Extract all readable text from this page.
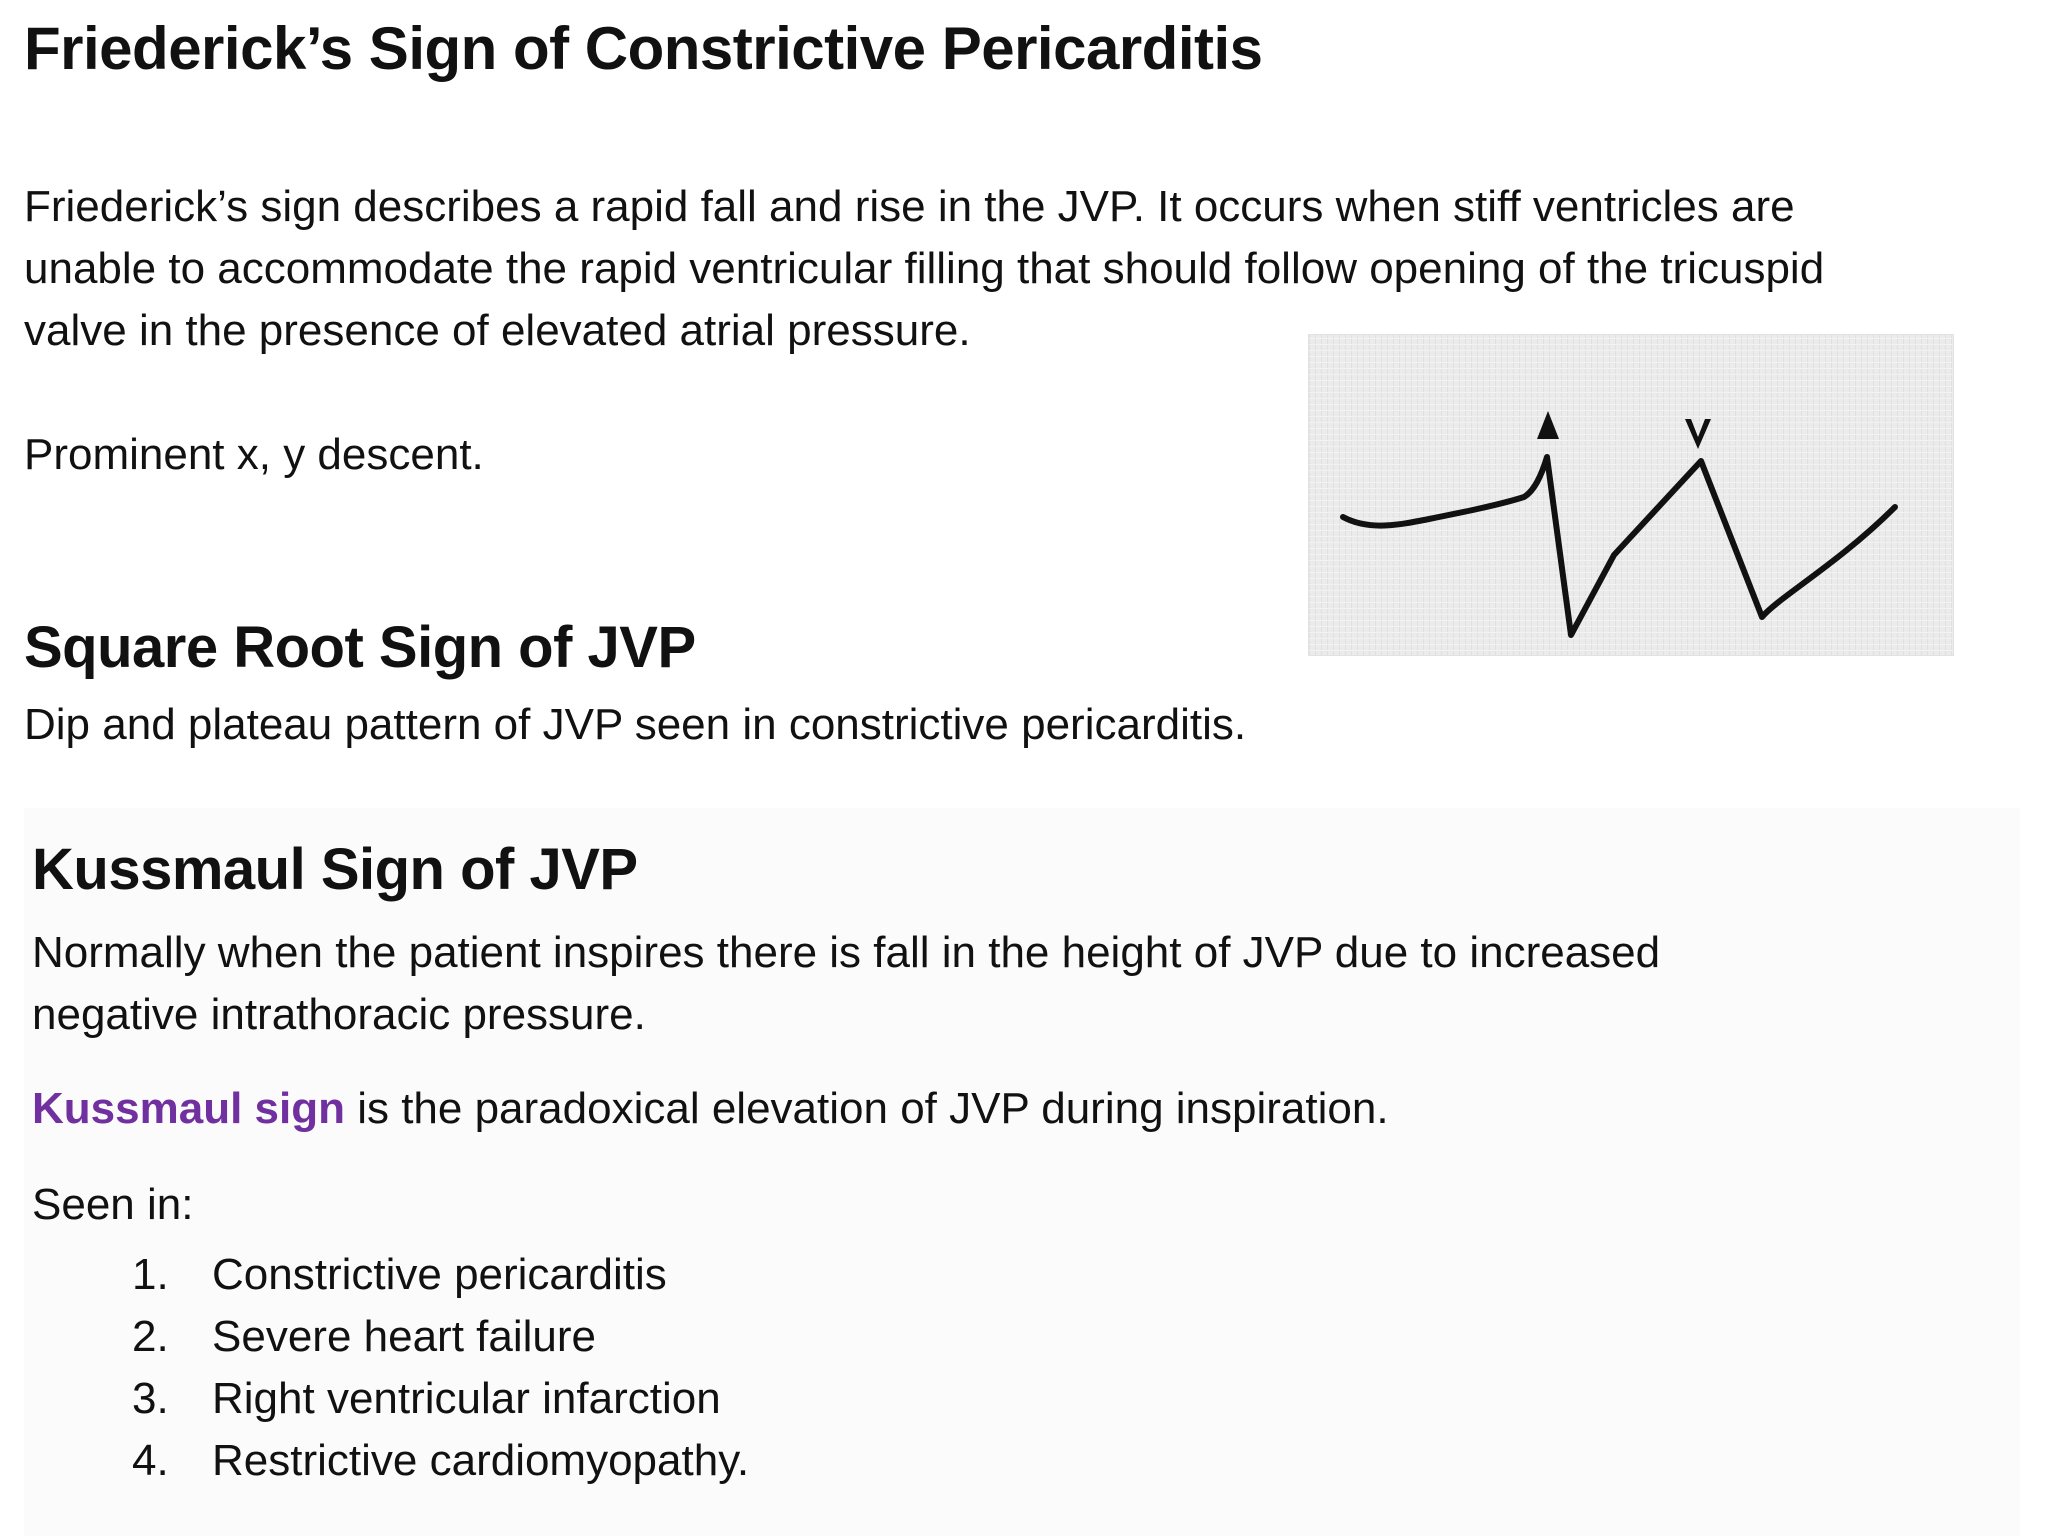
Friederick’s Sign of Constrictive Pericarditis
Friederick’s sign describes a rapid fall and rise in the JVP. It occurs when stiff ventricles are
unable to accommodate the rapid ventricular filling that should follow opening of the tricuspid
valve in the presence of elevated atrial pressure.
Prominent x, y descent.
A	V
Square Root Sign of JVP
Dip and plateau pattern of JVP seen in constrictive pericarditis.
Kussmaul Sign of JVP
Normally when the patient inspires there is fall in the height of JVP due to increased
negative intrathoracic pressure.
Kussmaul sign is the paradoxical elevation of JVP during inspiration.
Seen in:
1. Constrictive pericarditis
2. Severe heart failure
3. Right ventricular infarction
4. Restrictive cardiomyopathy.
